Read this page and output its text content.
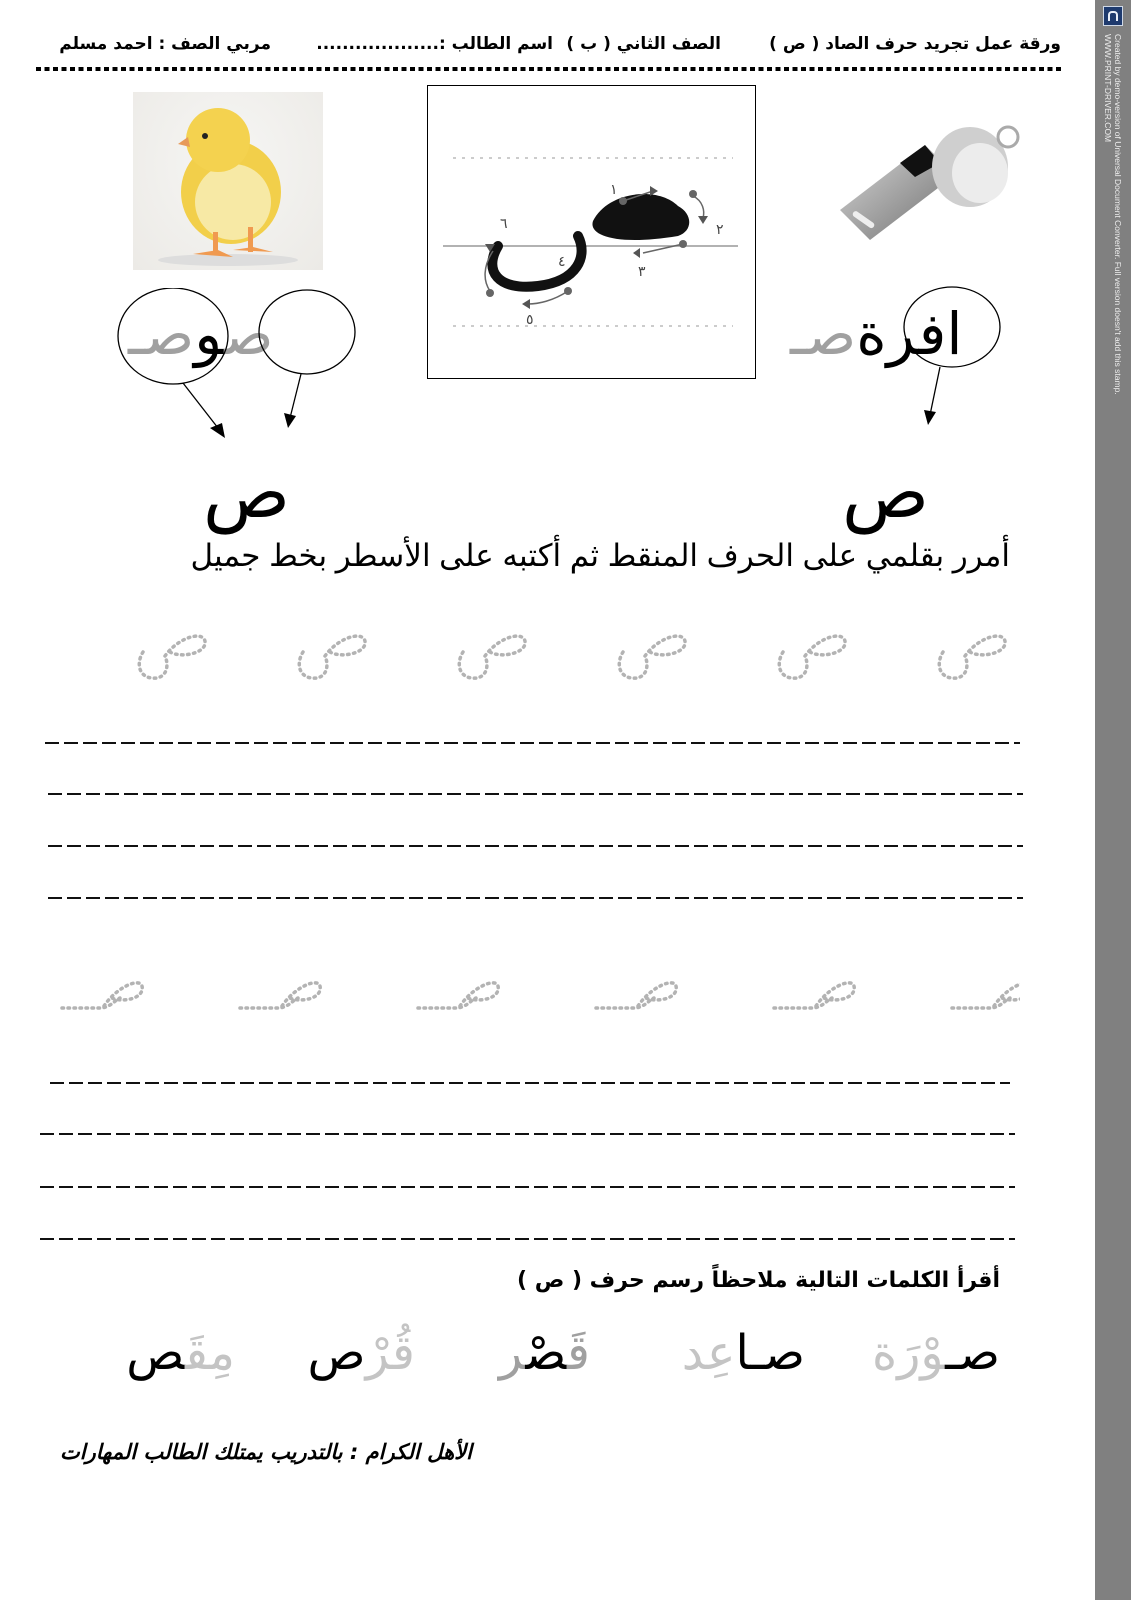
ورقة عمل تجريد حرف الصاد ( ص )
الصف الثاني ( ب )
اسم الطالب :...................
مربي الصف : احمد مسلم
١
٢
٣
٤
٥
٦
افرةصـ
ص
صوصـ
ص
أمرر بقلمي على الحرف المنقط ثم أكتبه على الأسطر بخط جميل
أقرأ الكلمات التالية ملاحظاً رسم حرف ( ص )
صـوْرَة
صـاعِد
قَصْر
قُرْص
مِقَص
الأهل الكرام : بالتدريب يمتلك الطالب المهارات
Created by demo-version of Universal Document Converter. Full version doesn't add this stamp.
WWW.PRINT-DRIVER.COM
